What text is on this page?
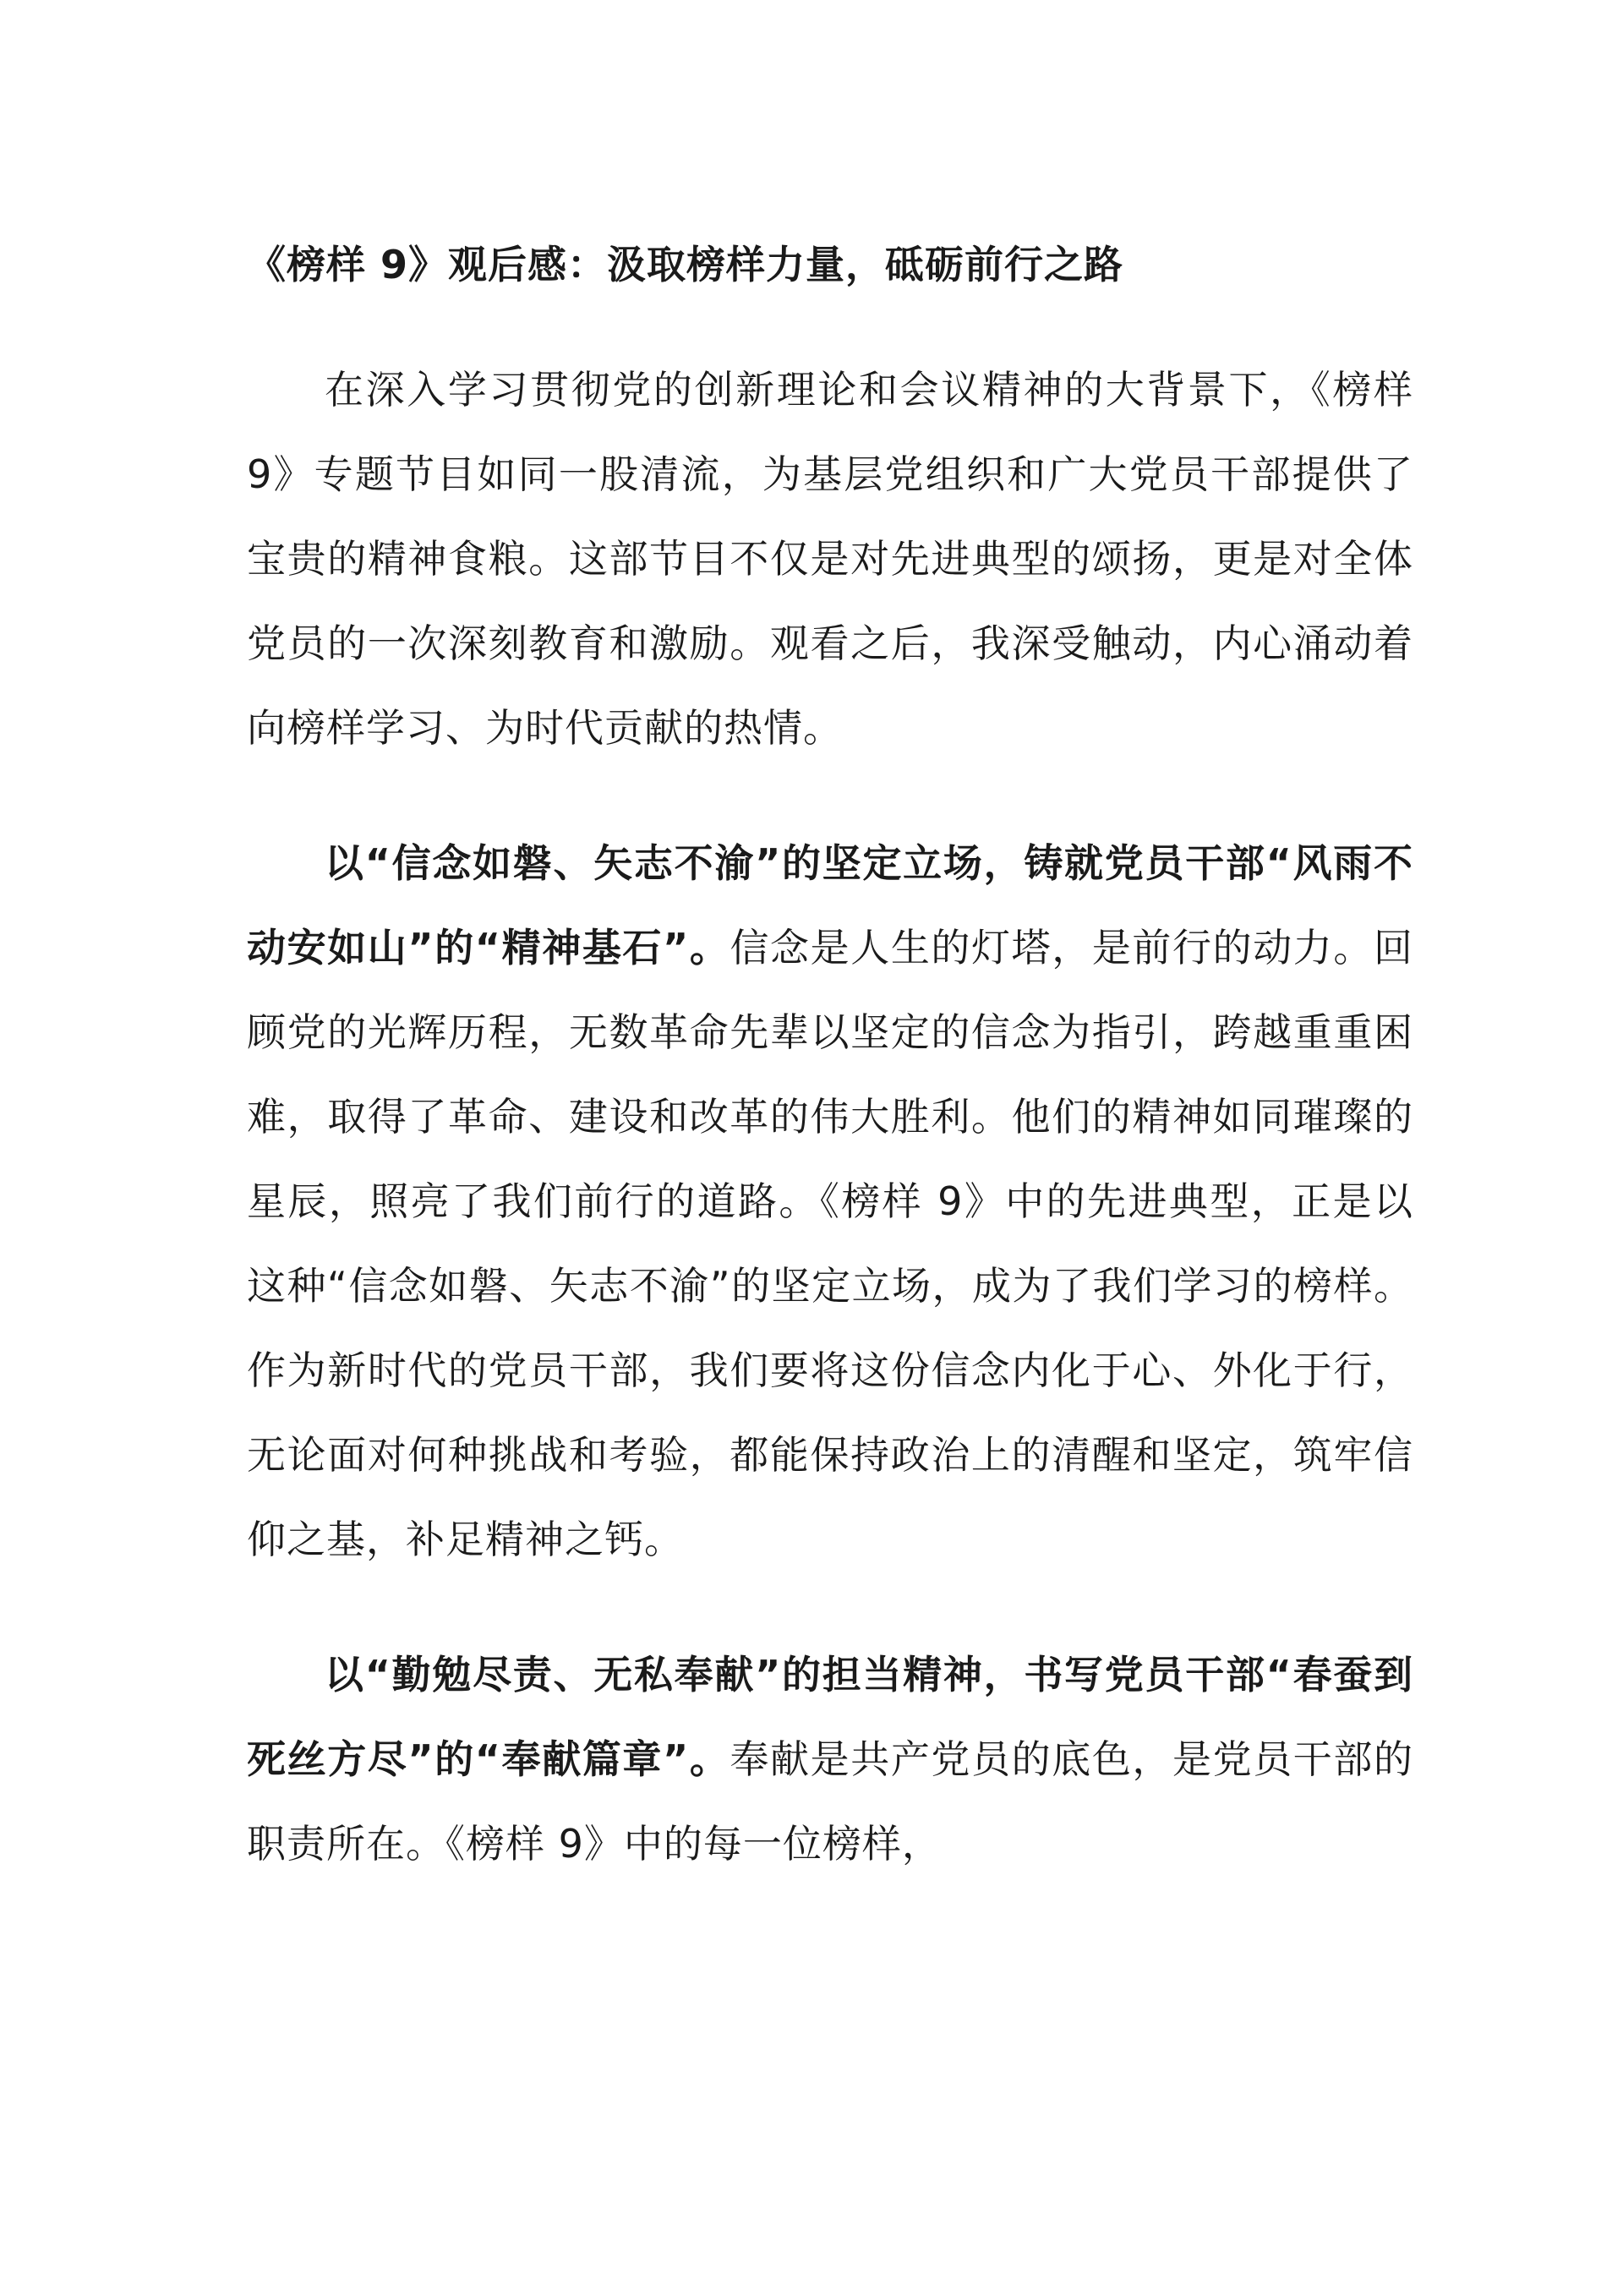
《榜样 9》观后感：汲取榜样力量，砥砺前行之路

在深入学习贯彻党的创新理论和会议精神的大背景下，《榜样 9》专题节目如同一股清流，为基层党组织和广大党员干部提供了宝贵的精神食粮。这部节目不仅是对先进典型的颂扬，更是对全体党员的一次深刻教育和激励。观看之后，我深受触动，内心涌动着向榜样学习、为时代贡献的热情。

以“信念如磐、矢志不渝”的坚定立场，铸就党员干部“风雨不动安如山”的“精神基石”。信念是人生的灯塔，是前行的动力。回顾党的光辉历程，无数革命先辈以坚定的信念为指引，跨越重重困难，取得了革命、建设和改革的伟大胜利。他们的精神如同璀璨的星辰，照亮了我们前行的道路。《榜样 9》中的先进典型，正是以这种“信念如磐、矢志不渝”的坚定立场，成为了我们学习的榜样。作为新时代的党员干部，我们要将这份信念内化于心、外化于行，无论面对何种挑战和考验，都能保持政治上的清醒和坚定，筑牢信仰之基，补足精神之钙。

以“勤勉尽责、无私奉献”的担当精神，书写党员干部“春蚕到死丝方尽”的“奉献篇章”。奉献是共产党员的底色，是党员干部的职责所在。《榜样 9》中的每一位榜样，
